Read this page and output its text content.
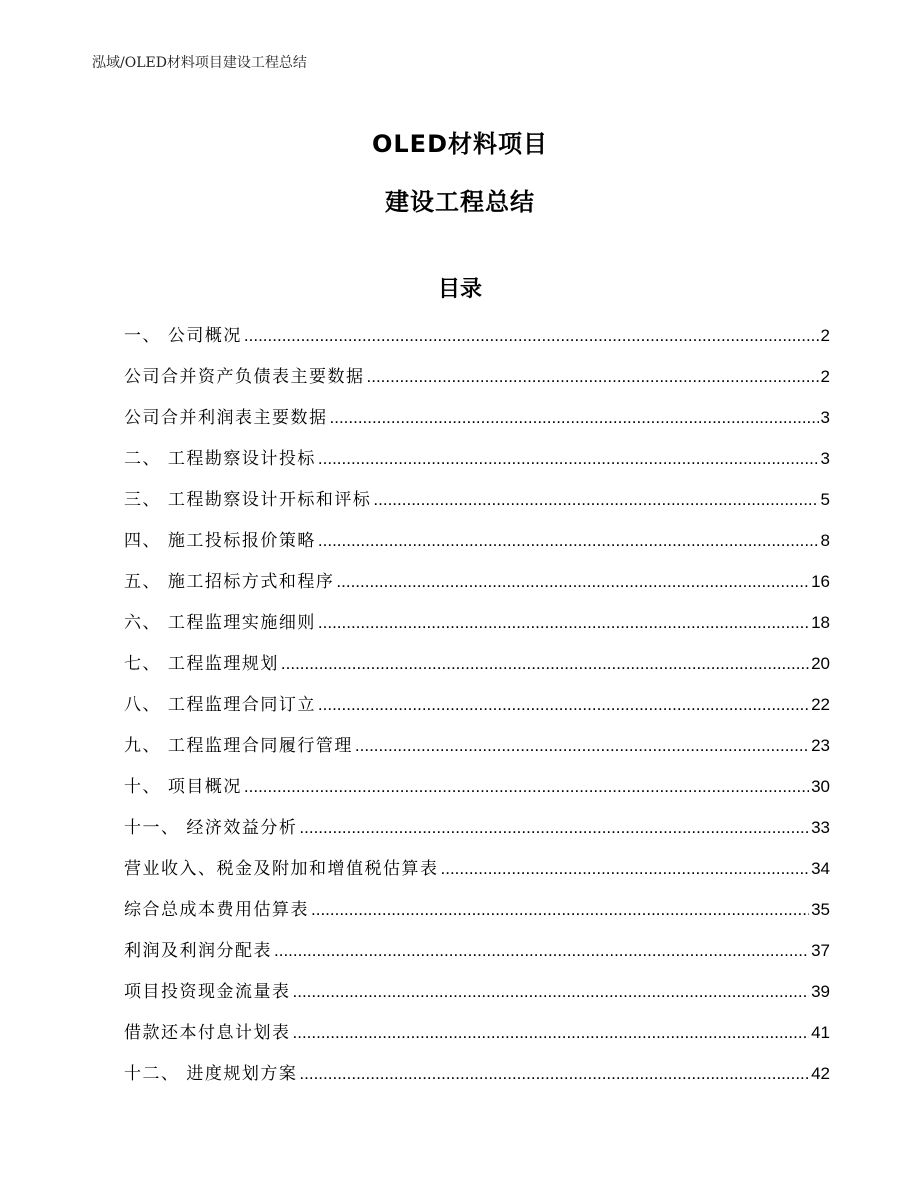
泓域/OLED材料项目建设工程总结
OLED材料项目
建设工程总结
目录
一、 公司概况 .....	2
公司合并资产负债表主要数据 .....	2
公司合并利润表主要数据 .....	3
二、 工程勘察设计投标 .....	3
三、 工程勘察设计开标和评标 .....	5
四、 施工投标报价策略 .....	8
五、 施工招标方式和程序 .....	16
六、 工程监理实施细则 .....	18
七、 工程监理规划 .....	20
八、 工程监理合同订立 .....	22
九、 工程监理合同履行管理 .....	23
十、 项目概况 .....	30
十一、 经济效益分析 .....	33
营业收入、税金及附加和增值税估算表 .....	34
综合总成本费用估算表 .....	35
利润及利润分配表 .....	37
项目投资现金流量表 .....	39
借款还本付息计划表 .....	41
十二、 进度规划方案 .....	42
